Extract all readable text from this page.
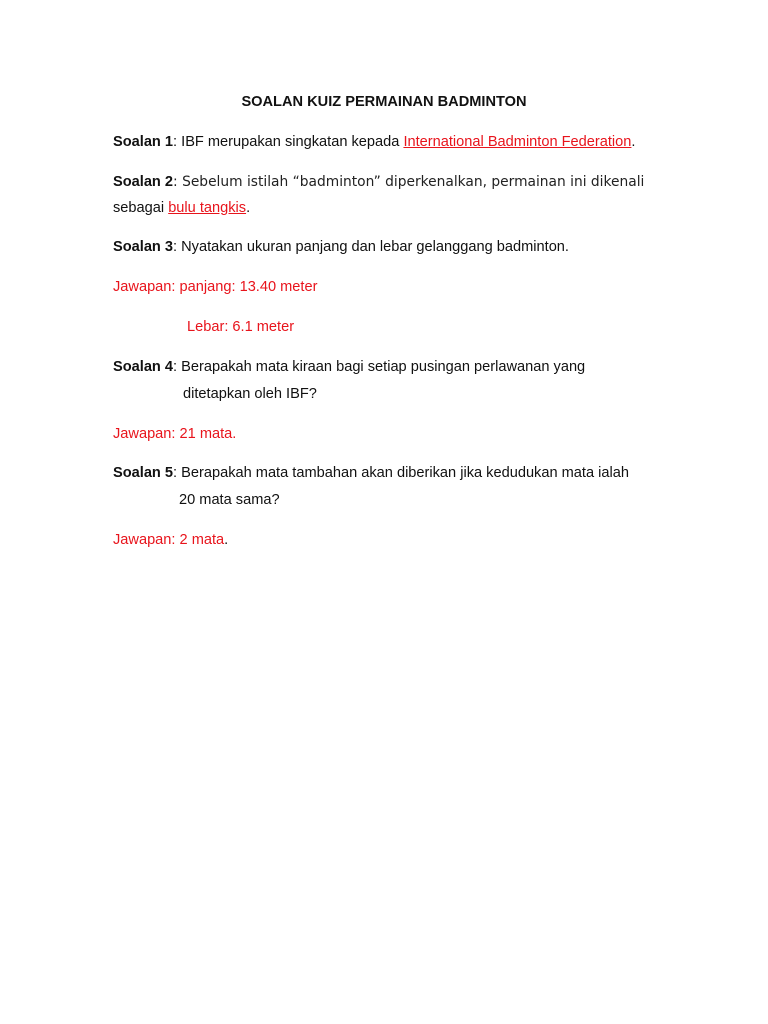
SOALAN KUIZ PERMAINAN BADMINTON
Soalan 1: IBF merupakan singkatan kepada International Badminton Federation.
Soalan 2: Sebelum istilah “badminton” diperkenalkan, permainan ini dikenali
sebagai bulu tangkis.
Soalan 3: Nyatakan ukuran panjang dan lebar gelanggang badminton.
Jawapan: panjang: 13.40 meter
Lebar: 6.1 meter
Soalan 4: Berapakah mata kiraan bagi setiap pusingan perlawanan yang
ditetapkan oleh IBF?
Jawapan: 21 mata.
Soalan 5: Berapakah mata tambahan akan diberikan jika kedudukan mata ialah
20 mata sama?
Jawapan: 2 mata.
